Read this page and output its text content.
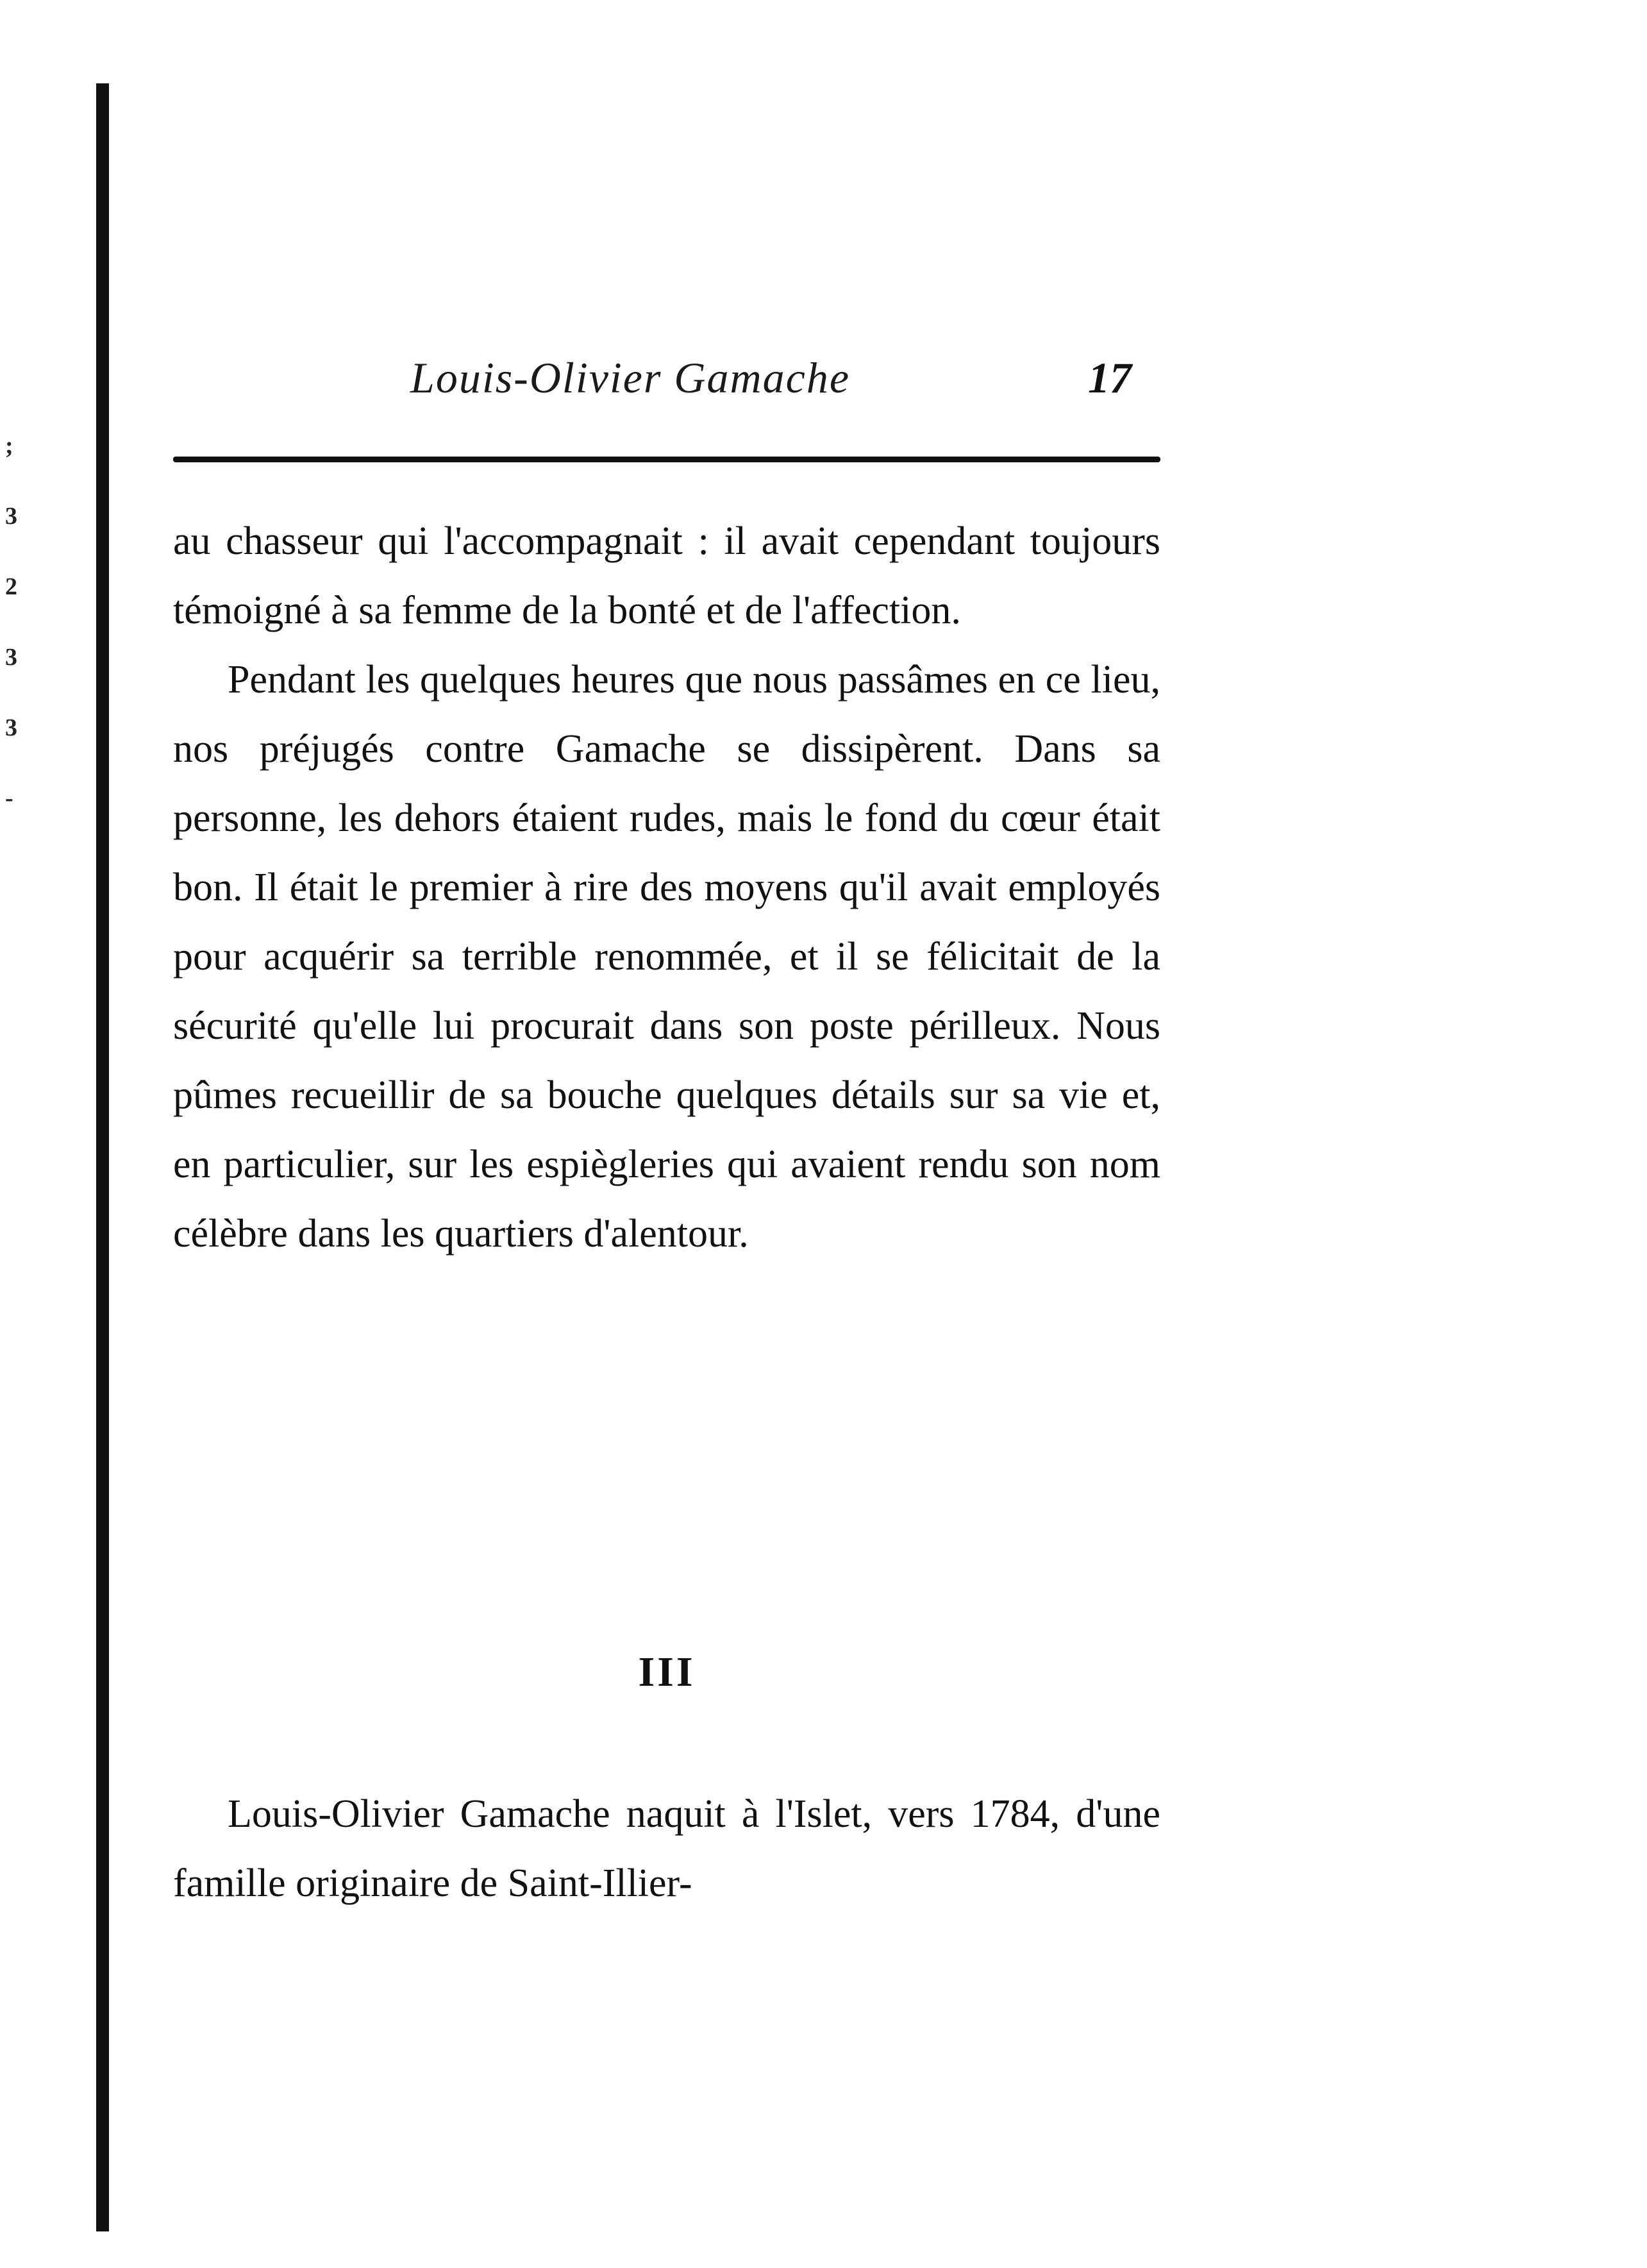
;
3
2
3
3
-
Louis-Olivier Gamache	17

au chasseur qui l'accompagnait : il avait cependant toujours témoigné à sa femme de la bonté et de l'affection.

Pendant les quelques heures que nous passâmes en ce lieu, nos préjugés contre Gamache se dissipèrent. Dans sa personne, les dehors étaient rudes, mais le fond du cœur était bon. Il était le premier à rire des moyens qu'il avait employés pour acquérir sa terrible renommée, et il se félicitait de la sécurité qu'elle lui procurait dans son poste périlleux. Nous pûmes recueillir de sa bouche quelques détails sur sa vie et, en particulier, sur les espiègleries qui avaient rendu son nom célèbre dans les quartiers d'alentour.

III

Louis-Olivier Gamache naquit à l'Islet, vers 1784, d'une famille originaire de Saint-Illier-
